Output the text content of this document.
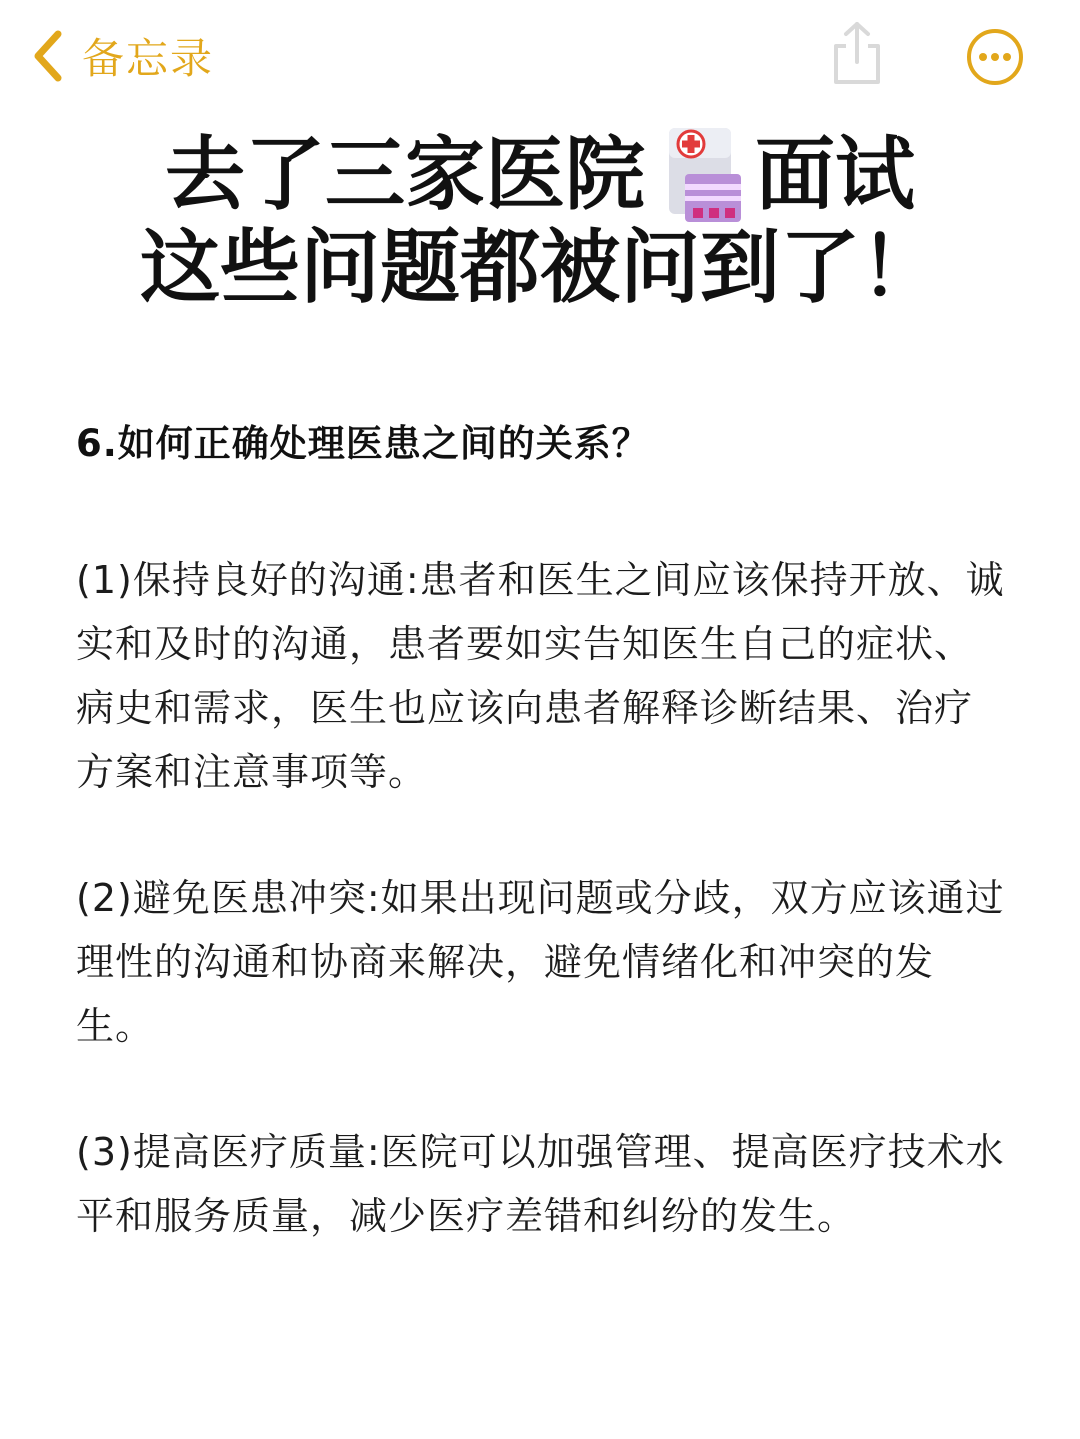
备忘录
去了三家医院 面试
这些问题都被问到了！

6.如何正确处理医患之间的关系？

(1)保持良好的沟通:患者和医生之间应该保持开放、诚实和及时的沟通，患者要如实告知医生自己的症状、病史和需求，医生也应该向患者解释诊断结果、治疗方案和注意事项等。

(2)避免医患冲突:如果出现问题或分歧，双方应该通过理性的沟通和协商来解决，避免情绪化和冲突的发生。

(3)提高医疗质量:医院可以加强管理、提高医疗技术水平和服务质量，减少医疗差错和纠纷的发生。
